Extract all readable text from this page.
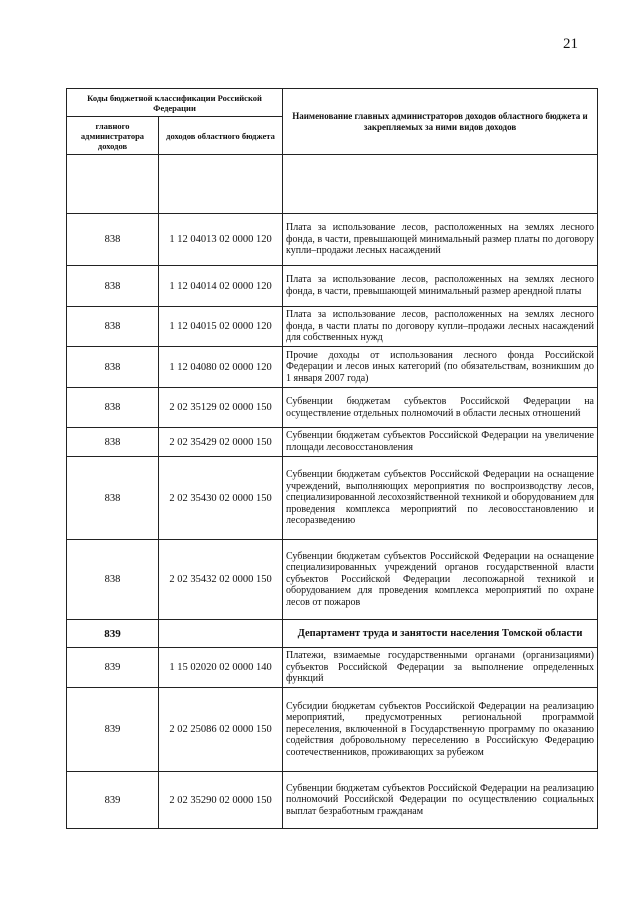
21
Коды бюджетной классификации Российской Федерации		Наименование главных администраторов доходов областного бюджета и закрепляемых за ними видов доходов
главного администратора доходов	доходов областного бюджета	

838	1 12 04013 02 0000 120	Плата за использование лесов, расположенных на землях лесного фонда, в части, превышающей минимальный размер платы по договору купли–продажи лесных насаждений
838	1 12 04014 02 0000 120	Плата за использование лесов, расположенных на землях лесного фонда, в части, превышающей минимальный размер арендной платы
838	1 12 04015 02 0000 120	Плата за использование лесов, расположенных на землях лесного фонда, в части платы по договору купли–продажи лесных насаждений для собственных нужд
838	1 12 04080 02 0000 120	Прочие доходы от использования лесного фонда Российской Федерации и лесов иных категорий (по обязательствам, возникшим до 1 января 2007 года)
838	2 02 35129 02 0000 150	Субвенции бюджетам субъектов Российской Федерации на осуществление отдельных полномочий в области лесных отношений
838	2 02 35429 02 0000 150	Субвенции бюджетам субъектов Российской Федерации на увеличение площади лесовосстановления
838	2 02 35430 02 0000 150	Субвенции бюджетам субъектов Российской Федерации на оснащение учреждений, выполняющих мероприятия по воспроизводству лесов, специализированной лесохозяйственной техникой и оборудованием для проведения комплекса мероприятий по лесовосстановлению и лесоразведению
838	2 02 35432 02 0000 150	Субвенции бюджетам субъектов Российской Федерации на оснащение специализированных учреждений органов государственной власти субъектов Российской Федерации лесопожарной техникой и оборудованием для проведения комплекса мероприятий по охране лесов от пожаров
839		Департамент труда и занятости населения Томской области
839	1 15 02020 02 0000 140	Платежи, взимаемые государственными органами (организациями) субъектов Российской Федерации за выполнение определенных функций
839	2 02 25086 02 0000 150	Субсидии бюджетам субъектов Российской Федерации на реализацию мероприятий, предусмотренных региональной программой переселения, включенной в Государственную программу по оказанию содействия добровольному переселению в Российскую Федерацию соотечественников, проживающих за рубежом
839	2 02 35290 02 0000 150	Субвенции бюджетам субъектов Российской Федерации на реализацию полномочий Российской Федерации по осуществлению социальных выплат безработным гражданам
